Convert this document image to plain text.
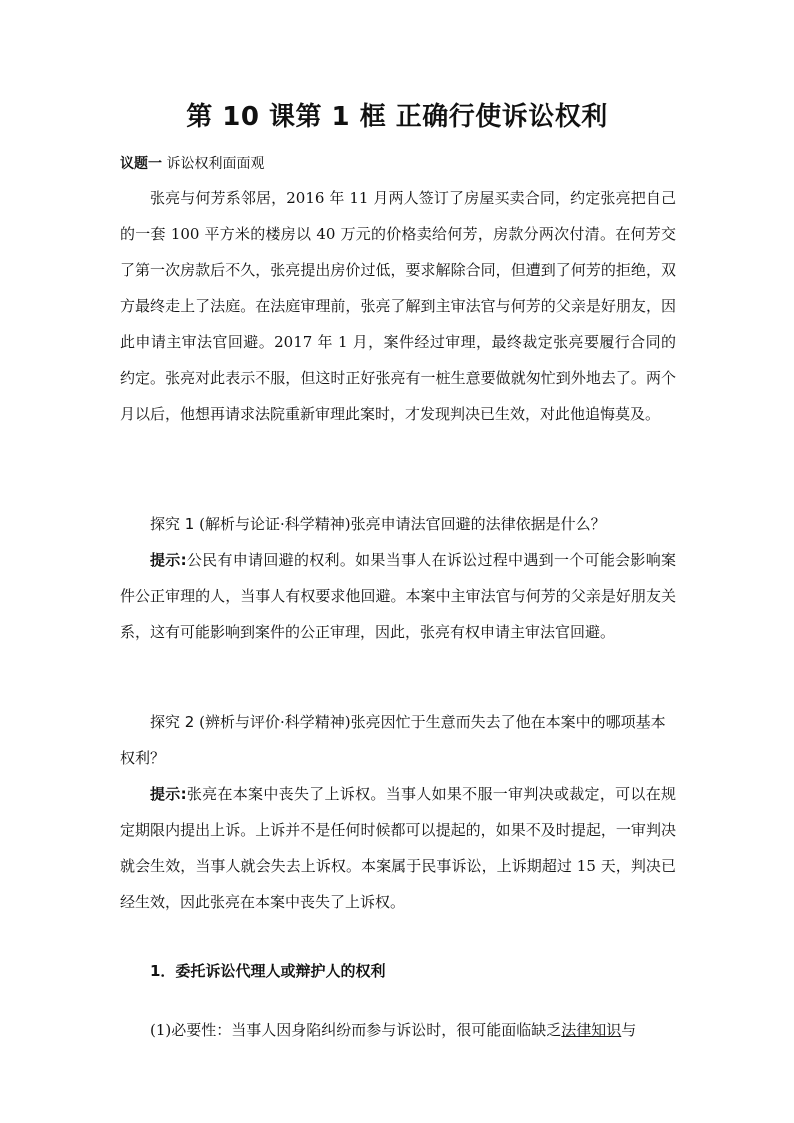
第 10 课第 1 框 正确行使诉讼权利
议题一 诉讼权利面面观

张亮与何芳系邻居，2016 年 11 月两人签订了房屋买卖合同，约定张亮把自己的一套 100 平方米的楼房以 40 万元的价格卖给何芳，房款分两次付清。在何芳交了第一次房款后不久，张亮提出房价过低，要求解除合同，但遭到了何芳的拒绝，双方最终走上了法庭。在法庭审理前，张亮了解到主审法官与何芳的父亲是好朋友，因此申请主审法官回避。2017 年 1 月，案件经过审理，最终裁定张亮要履行合同的约定。张亮对此表示不服，但这时正好张亮有一桩生意要做就匆忙到外地去了。两个月以后，他想再请求法院重新审理此案时，才发现判决已生效，对此他追悔莫及。

探究 1 (解析与论证·科学精神)张亮申请法官回避的法律依据是什么？

提示:公民有申请回避的权利。如果当事人在诉讼过程中遇到一个可能会影响案件公正审理的人，当事人有权要求他回避。本案中主审法官与何芳的父亲是好朋友关系，这有可能影响到案件的公正审理，因此，张亮有权申请主审法官回避。

探究 2 (辨析与评价·科学精神)张亮因忙于生意而失去了他在本案中的哪项基本权利？

提示:张亮在本案中丧失了上诉权。当事人如果不服一审判决或裁定，可以在规定期限内提出上诉。上诉并不是任何时候都可以提起的，如果不及时提起，一审判决就会生效，当事人就会失去上诉权。本案属于民事诉讼，上诉期超过 15 天，判决已经生效，因此张亮在本案中丧失了上诉权。

1．委托诉讼代理人或辩护人的权利

(1)必要性：当事人因身陷纠纷而参与诉讼时，很可能面临缺乏法律知识与
